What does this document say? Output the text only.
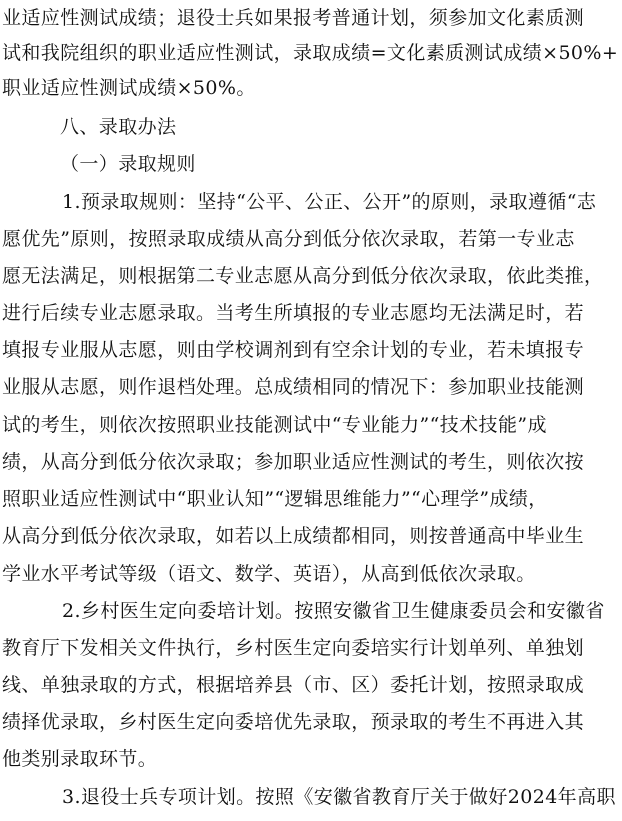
业适应性测试成绩；退役士兵如果报考普通计划，须参加文化素质测
试和我院组织的职业适应性测试，录取成绩=文化素质测试成绩×50%+
职业适应性测试成绩×50%。
八、录取办法
（一）录取规则
1.预录取规则：坚持“公平、公正、公开”的原则，录取遵循“志
愿优先”原则，按照录取成绩从高分到低分依次录取，若第一专业志
愿无法满足，则根据第二专业志愿从高分到低分依次录取，依此类推，
进行后续专业志愿录取。当考生所填报的专业志愿均无法满足时，若
填报专业服从志愿，则由学校调剂到有空余计划的专业，若未填报专
业服从志愿，则作退档处理。总成绩相同的情况下：参加职业技能测
试的考生，则依次按照职业技能测试中“专业能力”“技术技能”成
绩，从高分到低分依次录取；参加职业适应性测试的考生，则依次按
照职业适应性测试中“职业认知”“逻辑思维能力”“心理学”成绩，
从高分到低分依次录取，如若以上成绩都相同，则按普通高中毕业生
学业水平考试等级（语文、数学、英语），从高到低依次录取。
2.乡村医生定向委培计划。按照安徽省卫生健康委员会和安徽省
教育厅下发相关文件执行，乡村医生定向委培实行计划单列、单独划
线、单独录取的方式，根据培养县（市、区）委托计划，按照录取成
绩择优录取，乡村医生定向委培优先录取，预录取的考生不再进入其
他类别录取环节。
3.退役士兵专项计划。按照《安徽省教育厅关于做好2024年高职
